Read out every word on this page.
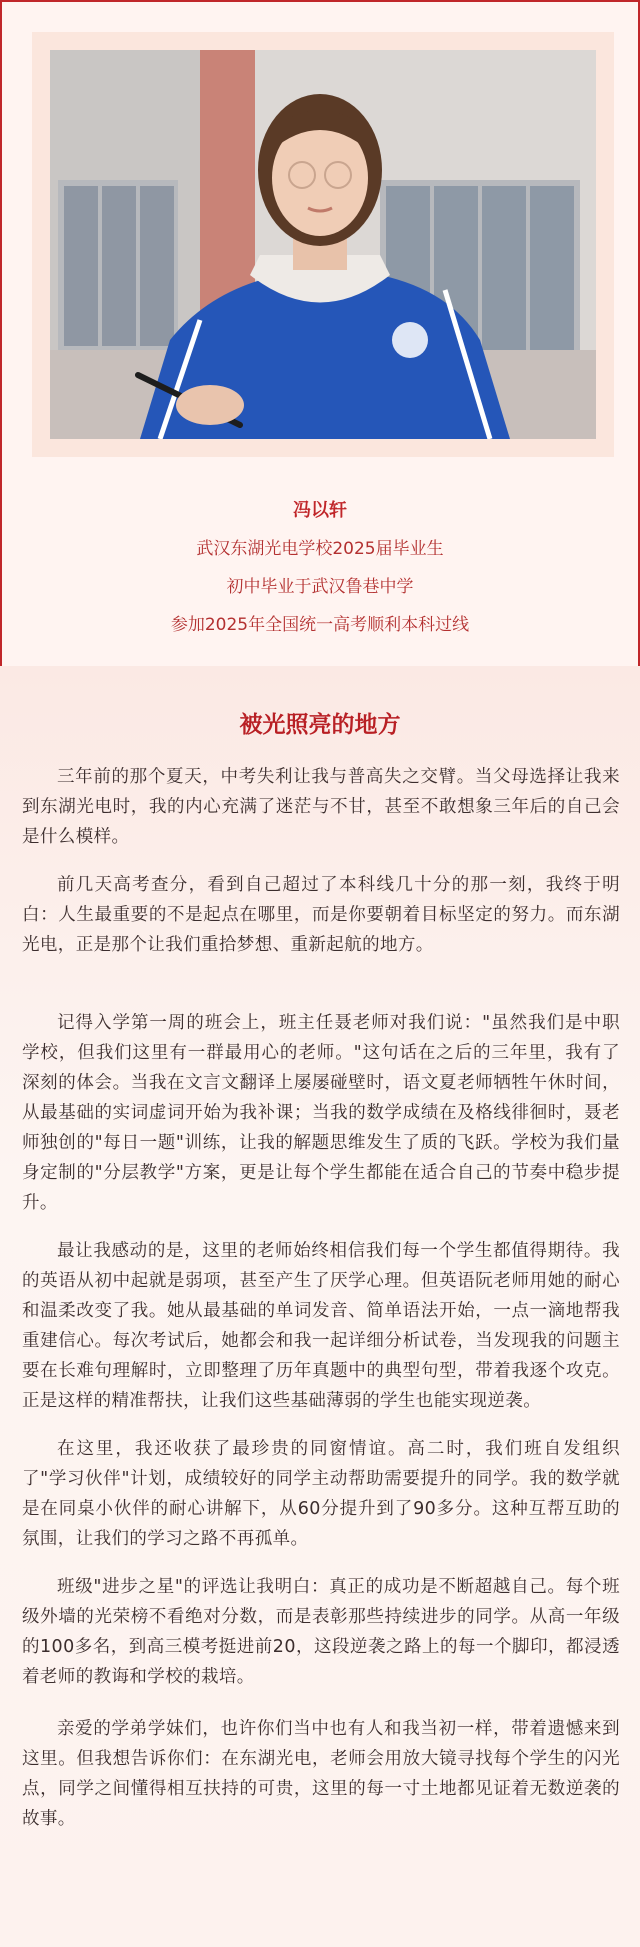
冯以轩
武汉东湖光电学校2025届毕业生
初中毕业于武汉鲁巷中学
参加2025年全国统一高考顺利本科过线
被光照亮的地方

三年前的那个夏天，中考失利让我与普高失之交臂。当父母选择让我来到东湖光电时，我的内心充满了迷茫与不甘，甚至不敢想象三年后的自己会是什么模样。

前几天高考查分，看到自己超过了本科线几十分的那一刻，我终于明白：人生最重要的不是起点在哪里，而是你要朝着目标坚定的努力。而东湖光电，正是那个让我们重拾梦想、重新起航的地方。

记得入学第一周的班会上，班主任聂老师对我们说："虽然我们是中职学校，但我们这里有一群最用心的老师。"这句话在之后的三年里，我有了深刻的体会。当我在文言文翻译上屡屡碰壁时，语文夏老师牺牲午休时间，从最基础的实词虚词开始为我补课；当我的数学成绩在及格线徘徊时，聂老师独创的"每日一题"训练，让我的解题思维发生了质的飞跃。学校为我们量身定制的"分层教学"方案，更是让每个学生都能在适合自己的节奏中稳步提升。

最让我感动的是，这里的老师始终相信我们每一个学生都值得期待。我的英语从初中起就是弱项，甚至产生了厌学心理。但英语阮老师用她的耐心和温柔改变了我。她从最基础的单词发音、简单语法开始，一点一滴地帮我重建信心。每次考试后，她都会和我一起详细分析试卷，当发现我的问题主要在长难句理解时，立即整理了历年真题中的典型句型，带着我逐个攻克。正是这样的精准帮扶，让我们这些基础薄弱的学生也能实现逆袭。

在这里，我还收获了最珍贵的同窗情谊。高二时，我们班自发组织了"学习伙伴"计划，成绩较好的同学主动帮助需要提升的同学。我的数学就是在同桌小伙伴的耐心讲解下，从60分提升到了90多分。这种互帮互助的氛围，让我们的学习之路不再孤单。

班级"进步之星"的评选让我明白：真正的成功是不断超越自己。每个班级外墙的光荣榜不看绝对分数，而是表彰那些持续进步的同学。从高一年级的100多名，到高三模考挺进前20，这段逆袭之路上的每一个脚印，都浸透着老师的教诲和学校的栽培。

亲爱的学弟学妹们，也许你们当中也有人和我当初一样，带着遗憾来到这里。但我想告诉你们：在东湖光电，老师会用放大镜寻找每个学生的闪光点，同学之间懂得相互扶持的可贵，这里的每一寸土地都见证着无数逆袭的故事。
